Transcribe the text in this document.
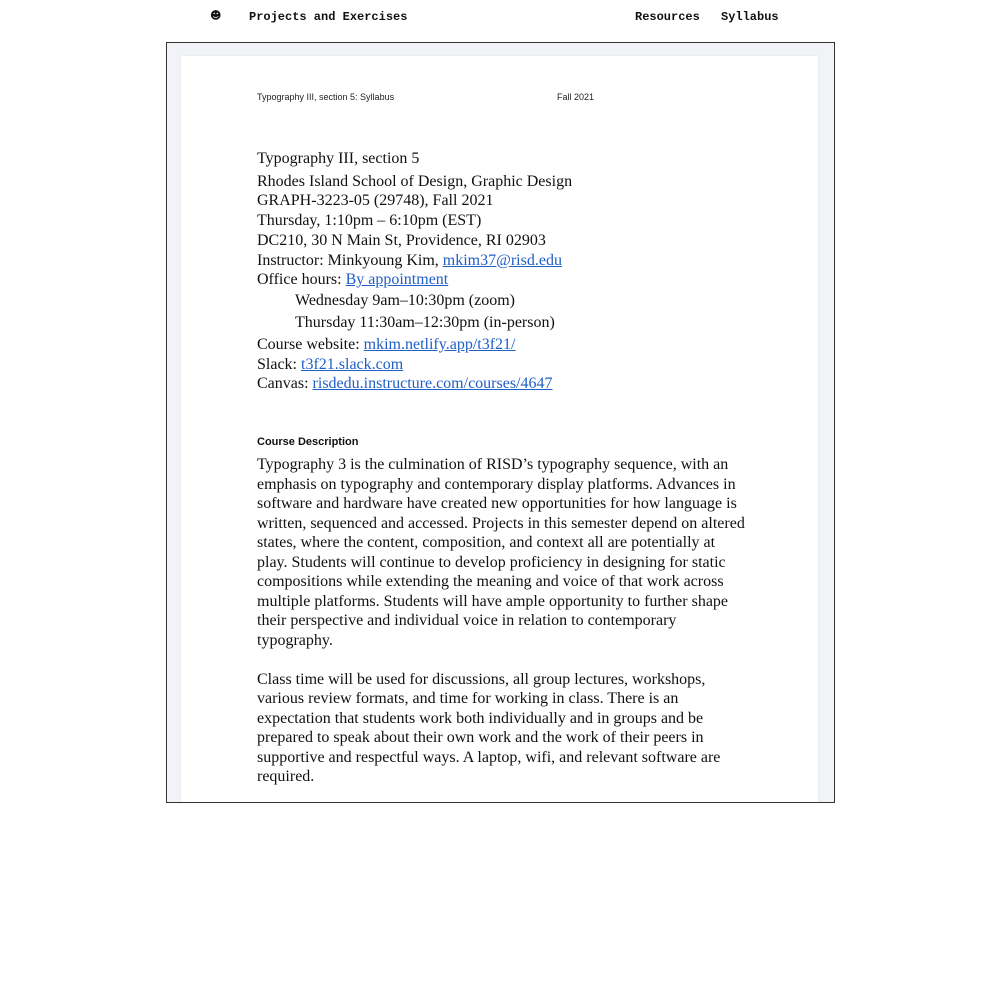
☻ Projects and Exercises	Resources Syllabus
Typography III, section 5: Syllabus	Fall 2021
Typography III, section 5
Rhodes Island School of Design, Graphic Design
GRAPH-3223-05 (29748), Fall 2021
Thursday, 1:10pm – 6:10pm (EST)
DC210, 30 N Main St, Providence, RI 02903
Instructor: Minkyoung Kim, mkim37@risd.edu
Office hours: By appointment
Wednesday 9am–10:30pm (zoom)
Thursday 11:30am–12:30pm (in-person)
Course website: mkim.netlify.app/t3f21/
Slack: t3f21.slack.com
Canvas: risdedu.instructure.com/courses/4647
Course Description

Typography 3 is the culmination of RISD’s typography sequence, with an emphasis on typography and contemporary display platforms. Advances in software and hardware have created new opportunities for how language is written, sequenced and accessed. Projects in this semester depend on altered states, where the content, composition, and context all are potentially at play. Students will continue to develop proficiency in designing for static compositions while extending the meaning and voice of that work across multiple platforms. Students will have ample opportunity to further shape their perspective and individual voice in relation to contemporary typography.

Class time will be used for discussions, all group lectures, workshops, various review formats, and time for working in class. There is an expectation that students work both individually and in groups and be prepared to speak about their own work and the work of their peers in supportive and respectful ways. A laptop, wifi, and relevant software are required.
